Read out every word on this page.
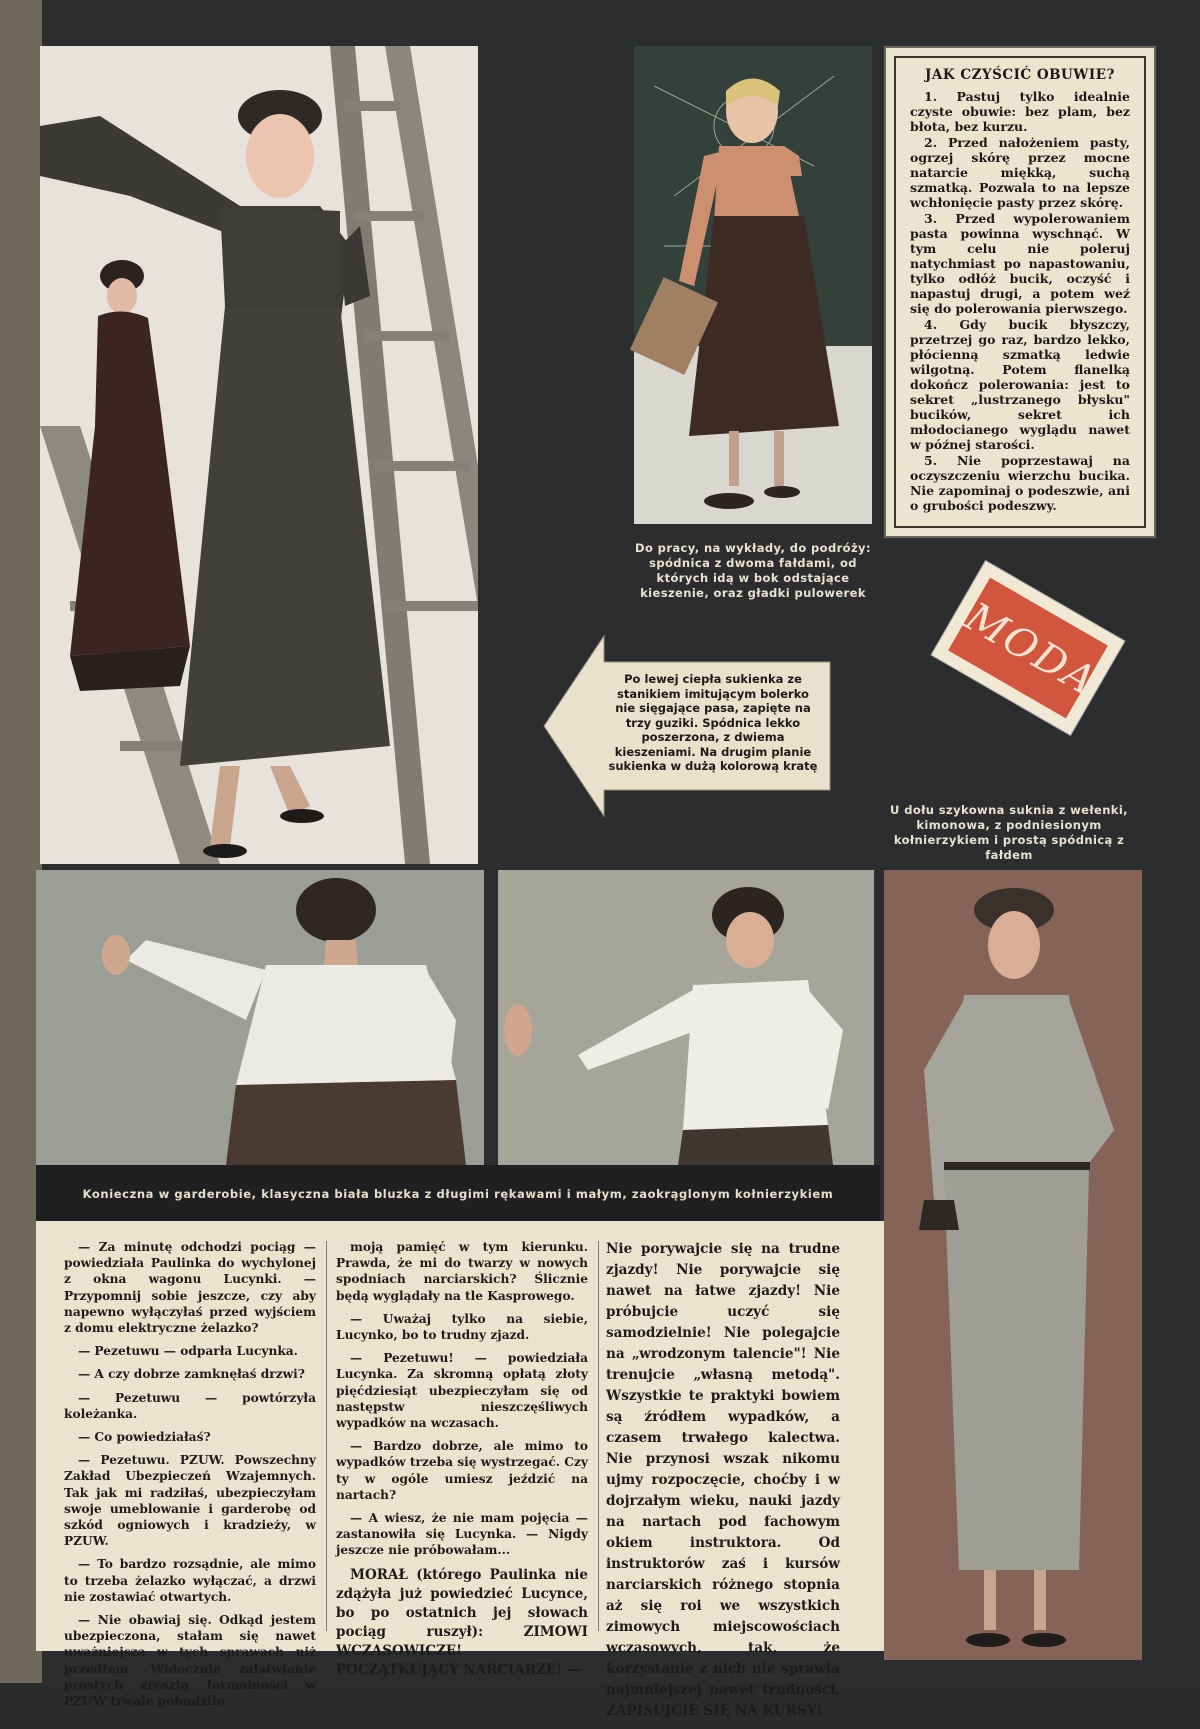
JAK CZYŚCIĆ OBUWIE?

1. Pastuj tylko idealnie czyste obuwie: bez plam, bez błota, bez kurzu.

2. Przed nałożeniem pasty, ogrzej skórę przez mocne natarcie miękką, suchą szmatką. Pozwala to na lepsze wchłonięcie pasty przez skórę.

3. Przed wypolerowaniem pasta powinna wyschnąć. W tym celu nie poleruj natychmiast po napastowaniu, tylko odłóż bucik, oczyść i napastuj drugi, a potem weź się do polerowania pierwszego.

4. Gdy bucik błyszczy, przetrzej go raz, bardzo lekko, płócienną szmatką ledwie wilgotną. Potem flanelką dokończ polerowania: jest to sekret „lustrzanego błysku" bucików, sekret ich młodocianego wyglądu nawet w późnej starości.

5. Nie poprzestawaj na oczyszczeniu wierzchu bucika. Nie zapominaj o podeszwie, ani o grubości podeszwy.

Do pracy, na wykłady, do podróży: spódnica z dwoma fałdami, od których idą w bok odstające kieszenie, oraz gładki pulowerek
Po lewej ciepła sukienka ze stanikiem imitującym bolerko nie sięgające pasa, zapięte na trzy guziki. Spódnica lekko poszerzona, z dwiema kieszeniami. Na drugim planie sukienka w dużą kolorową kratę
MODA
U dołu szykowna suknia z wełenki, kimonowa, z podniesionym kołnierzykiem i prostą spódnicą z fałdem
Konieczna w garderobie, klasyczna biała bluzka z długimi rękawami i małym, zaokrąglonym kołnierzykiem

— Za minutę odchodzi pociąg — powiedziała Paulinka do wychylonej z okna wagonu Lucynki. — Przypomnij sobie jeszcze, czy aby napewno wyłączyłaś przed wyjściem z domu elektryczne żelazko?

— Pezetuwu — odparła Lucynka.

— A czy dobrze zamknęłaś drzwi?

— Pezetuwu — powtórzyła koleżanka.

— Co powiedziałaś?

— Pezetuwu. PZUW. Powszechny Zakład Ubezpieczeń Wzajemnych. Tak jak mi radziłaś, ubezpieczyłam swoje umeblowanie i garderobę od szkód ogniowych i kradzieży, w PZUW.

— To bardzo rozsądnie, ale mimo to trzeba żelazko wyłączać, a drzwi nie zostawiać otwartych.

— Nie obawiaj się. Odkąd jestem ubezpieczona, stałam się nawet uważniejsza w tych sprawach niż przedtem. Widocznie załatwianie prostych zresztą formalności w PZUW trwale pobudziło

moją pamięć w tym kierunku. Prawda, że mi do twarzy w nowych spodniach narciarskich? Ślicznie będą wyglądały na tle Kasprowego.

— Uważaj tylko na siebie, Lucynko, bo to trudny zjazd.

— Pezetuwu! — powiedziała Lucynka. Za skromną opłatą złoty pięćdziesiąt ubezpieczyłam się od następstw nieszczęśliwych wypadków na wczasach.

— Bardzo dobrze, ale mimo to wypadków trzeba się wystrzegać. Czy ty w ogóle umiesz jeździć na nartach?

— A wiesz, że nie mam pojęcia — zastanowiła się Lucynka. — Nigdy jeszcze nie próbowałam...

MORAŁ (którego Paulinka nie zdążyła już powiedzieć Lucynce, bo po ostatnich jej słowach pociąg ruszył): ZIMOWI WCZASOWICZE! POCZĄTKUJĄCY NARCIARZE! —

Nie porywajcie się na trudne zjazdy! Nie porywajcie się nawet na łatwe zjazdy! Nie próbujcie uczyć się samodzielnie! Nie polegajcie na „wrodzonym talencie"! Nie trenujcie „własną metodą". Wszystkie te praktyki bowiem są źródłem wypadków, a czasem trwałego kalectwa. Nie przynosi wszak nikomu ujmy rozpoczęcie, choćby i w dojrzałym wieku, nauki jazdy na nartach pod fachowym okiem instruktora. Od instruktorów zaś i kursów narciarskich różnego stopnia aż się roi we wszystkich zimowych miejscowościach wczasowych, tak, że korzystanie z nich nie sprawia najmniejszej nawet trudności. ZAPISUJCIE SIĘ NA KURSY!
